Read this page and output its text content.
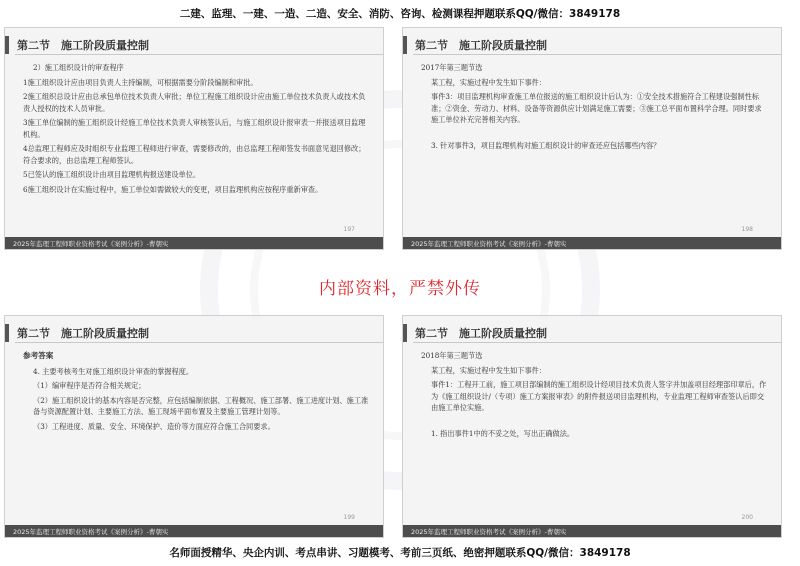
二建、监理、一建、一造、二造、安全、消防、咨询、检测课程押题联系QQ/微信：3849178
第二节　施工阶段质量控制

2）施工组织设计的审查程序

1施工组织设计应由项目负责人主持编制，可根据需要分阶段编制和审批。

2施工组织总设计应由总承包单位技术负责人审批；单位工程施工组织设计应由施工单位技术负责人或技术负责人授权的技术人员审批。

3施工单位编制的施工组织设计经施工单位技术负责人审核签认后，与施工组织设计报审表一并报送项目监理机构。

4总监理工程师应及时组织专业监理工程师进行审查，需要修改的，由总监理工程师签发书面意见退回修改；符合要求的，由总监理工程师签认。

5已签认的施工组织设计由项目监理机构报送建设单位。

6施工组织设计在实施过程中，施工单位如需做较大的变更，项目监理机构应按程序重新审查。

197
2025年监理工程师职业资格考试《案例分析》-曹朝实
第二节　施工阶段质量控制

2017年第三题节选

某工程，实施过程中发生如下事件：

事件3：项目监理机构审查施工单位报送的施工组织设计后认为：①安全技术措施符合工程建设强制性标准；②资金、劳动力、材料、设备等资源供应计划满足施工需要；③施工总平面布置科学合理。同时要求施工单位补充完善相关内容。

3. 针对事件3，项目监理机构对施工组织设计的审查还应包括哪些内容？

198
2025年监理工程师职业资格考试《案例分析》-曹朝实
内部资料，严禁外传
第二节　施工阶段质量控制

参考答案

4. 主要考核考生对施工组织设计审查的掌握程度。

（1）编审程序是否符合相关规定；

（2）施工组织设计的基本内容是否完整，应包括编制依据、工程概况、施工部署、施工进度计划、施工准备与资源配置计划、主要施工方法、施工现场平面布置及主要施工管理计划等。

（3）工程进度、质量、安全、环境保护、造价等方面应符合施工合同要求。

199
2025年监理工程师职业资格考试《案例分析》-曹朝实
第二节　施工阶段质量控制

2018年第三题节选

某工程，实施过程中发生如下事件：

事件1：工程开工前，施工项目部编制的施工组织设计经项目技术负责人签字并加盖项目经理部印章后，作为《施工组织设计/（专项）施工方案报审表》的附件报送项目监理机构，专业监理工程师审查签认后即交由施工单位实施。

1. 指出事件1中的不妥之处，写出正确做法。

200
2025年监理工程师职业资格考试《案例分析》-曹朝实
名师面授精华、央企内训、考点串讲、习题模考、考前三页纸、绝密押题联系QQ/微信：3849178
